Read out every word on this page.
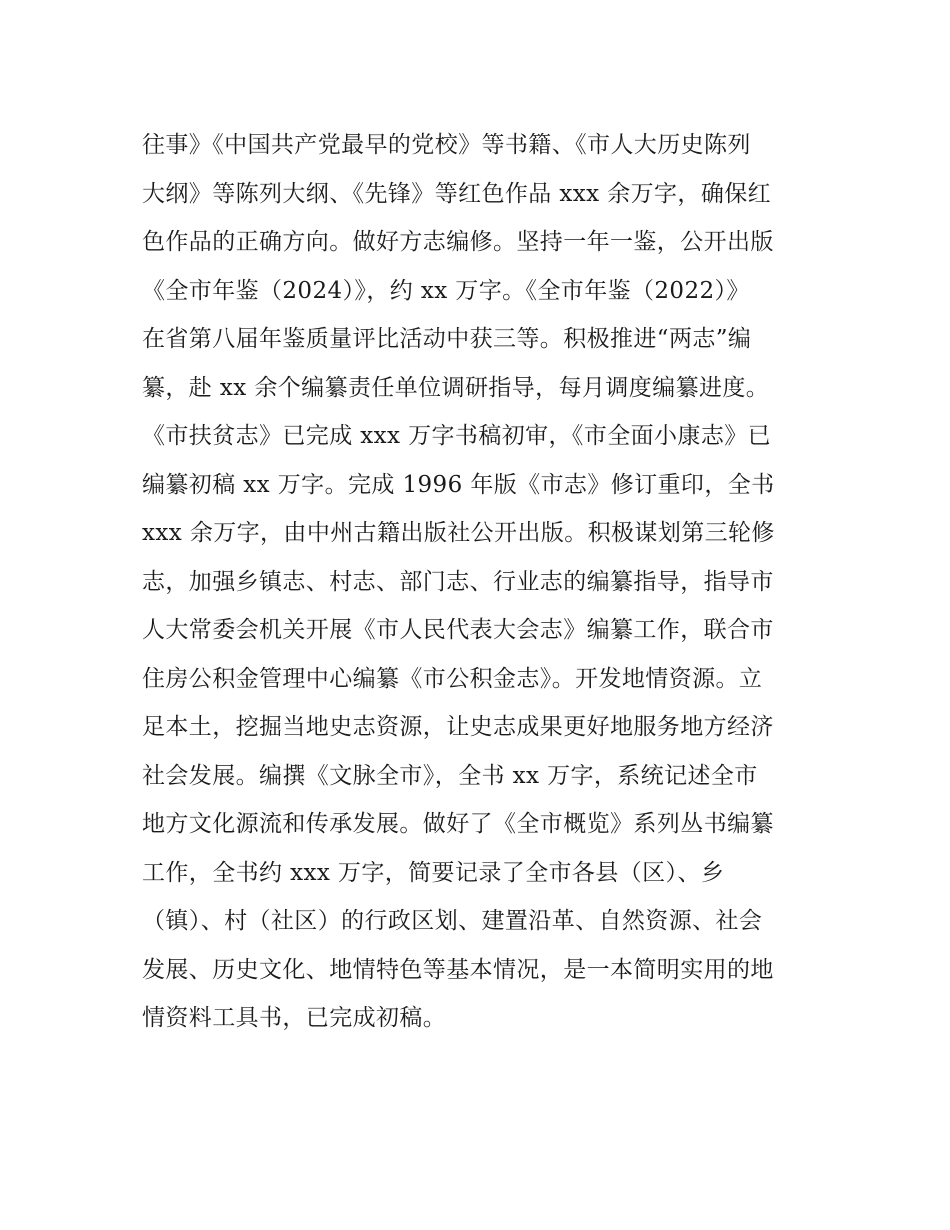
往事》《中国共产党最早的党校》等书籍、《市人大历史陈列
大纲》等陈列大纲、《先锋》等红色作品 xxx 余万字，确保红
色作品的正确方向。做好方志编修。坚持一年一鉴，公开出版
《全市年鉴（2024）》，约 xx 万字。《全市年鉴（2022）》
在省第八届年鉴质量评比活动中获三等。积极推进“两志”编
纂，赴 xx 余个编纂责任单位调研指导，每月调度编纂进度。
《市扶贫志》已完成 xxx 万字书稿初审，《市全面小康志》已
编纂初稿 xx 万字。完成 1996 年版《市志》修订重印，全书
xxx 余万字，由中州古籍出版社公开出版。积极谋划第三轮修
志，加强乡镇志、村志、部门志、行业志的编纂指导，指导市
人大常委会机关开展《市人民代表大会志》编纂工作，联合市
住房公积金管理中心编纂《市公积金志》。开发地情资源。立
足本土，挖掘当地史志资源，让史志成果更好地服务地方经济
社会发展。编撰《文脉全市》，全书 xx 万字，系统记述全市
地方文化源流和传承发展。做好了《全市概览》系列丛书编纂
工作，全书约 xxx 万字，简要记录了全市各县（区）、乡
（镇）、村（社区）的行政区划、建置沿革、自然资源、社会
发展、历史文化、地情特色等基本情况，是一本简明实用的地
情资料工具书，已完成初稿。
